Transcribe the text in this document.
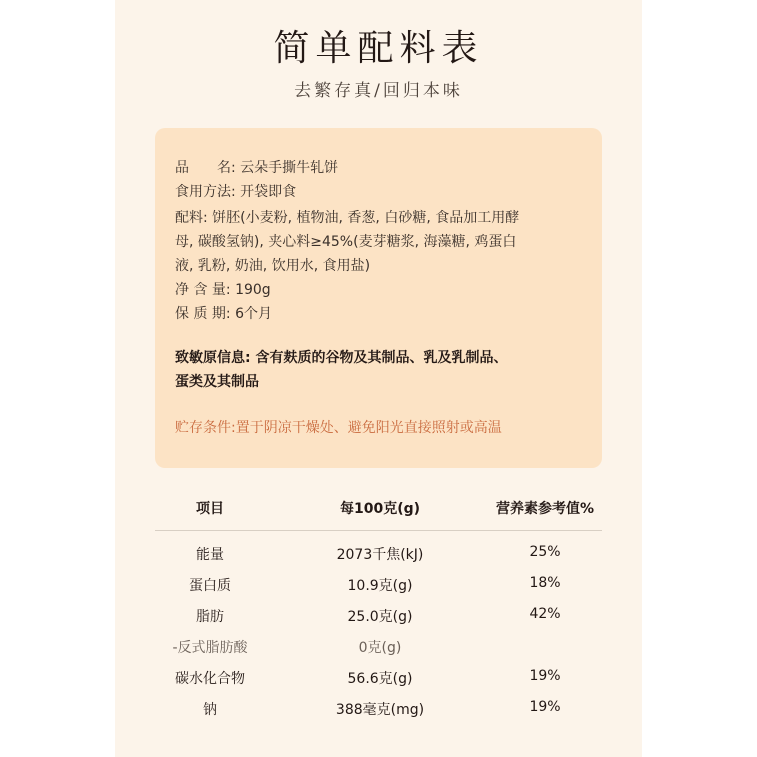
简单配料表
去繁存真/回归本味
品　　名: 云朵手撕牛轧饼
食用方法: 开袋即食
配料: 饼胚(小麦粉, 植物油, 香葱, 白砂糖, 食品加工用酵
母, 碳酸氢钠), 夹心料≥45%(麦芽糖浆, 海藻糖, 鸡蛋白
液, 乳粉, 奶油, 饮用水, 食用盐)
净 含 量: 190g
保 质 期: 6个月
致敏原信息: 含有麸质的谷物及其制品、乳及乳制品、
蛋类及其制品
贮存条件:置于阴凉干燥处、避免阳光直接照射或高温
项目	每100克(g)	营养素参考值%
能量	2073千焦(kJ)	25%
蛋白质	10.9克(g)	18%
脂肪	25.0克(g)	42%
-反式脂肪酸	0克(g)
碳水化合物	56.6克(g)	19%
钠	388毫克(mg)	19%
